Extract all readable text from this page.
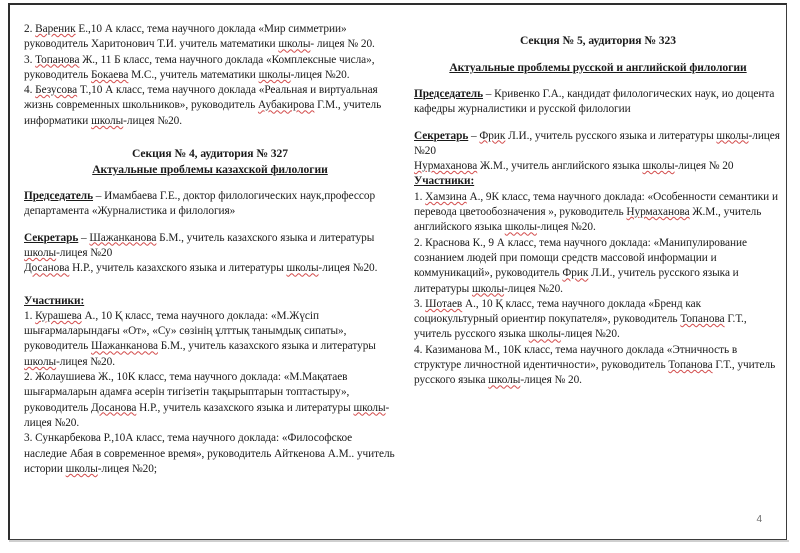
2. Вареник Е.,10 А класс, тема научного доклада «Мир симметрии» руководитель Харитонович Т.И. учитель математики школы- лицея № 20.

3. Топанова Ж., 11 Б класс, тема научного доклада «Комплексные числа», руководитель Бокаева М.С., учитель математики школы-лицея №20.

4. Безусова Т.,10 А класс, тема научного доклада «Реальная и виртуальная жизнь современных школьников», руководитель Аубакирова Г.М., учитель информатики школы-лицея №20.

Секция № 4, аудитория № 327

Актуальные проблемы казахской филологии

Председатель – Имамбаева Г.Е., доктор филологических наук,профессор департамента «Журналистика и филология»

Секретарь – Шажанканова Б.М., учитель казахского языка и литературы школы-лицея №20

Досанова Н.Р., учитель казахского языка и литературы школы-лицея №20.

Участники:

1. Курашева А., 10 Қ класс, тема научного доклада: «М.Жүсіп шығармаларындағы «От», «Су» сөзінің ұлттық танымдық сипаты», руководитель Шажанканова Б.М., учитель казахского языка и литературы школы-лицея №20.

2. Жолаушиева Ж., 10К класс, тема научного доклада: «М.Мақатаев шығармаларын адамға әсерін тигізетін тақырыптарын топтастыру», руководитель Досанова Н.Р., учитель казахского языка и литературы школы-лицея №20.

3. Сункарбекова Р.,10А класс, тема научного доклада: «Философское наследие Абая в современное время», руководитель Айткенова А.М.. учитель истории школы-лицея №20;

Секция № 5, аудитория № 323

Актуальные проблемы русской и английской филологии

Председатель – Кривенко Г.А., кандидат филологических наук, ио доцента кафедры журналистики и русской филологии

Секретарь – Фрик Л.И., учитель русского языка и литературы школы-лицея №20

Нурмаханова Ж.М., учитель английского языка школы-лицея № 20

Участники:

1. Хамзина А., 9К класс, тема научного доклада: «Особенности семантики и перевода цветообозначения », руководитель Нурмаханова Ж.М., учитель английского языка школы-лицея №20.

2. Краснова К., 9 А класс, тема научного доклада: «Манипулирование сознанием людей при помощи средств массовой информации и коммуникаций», руководитель Фрик Л.И., учитель русского языка и литературы школы-лицея №20.

3. Шотаев А., 10 Қ класс, тема научного доклада «Бренд как социокультурный ориентир покупателя», руководитель Топанова Г.Т., учитель русского языка школы-лицея №20.

4. Казиманова М., 10К класс, тема научного доклада «Этничность в структуре личностной идентичности», руководитель Топанова Г.Т., учитель русского языка школы-лицея № 20.

4
